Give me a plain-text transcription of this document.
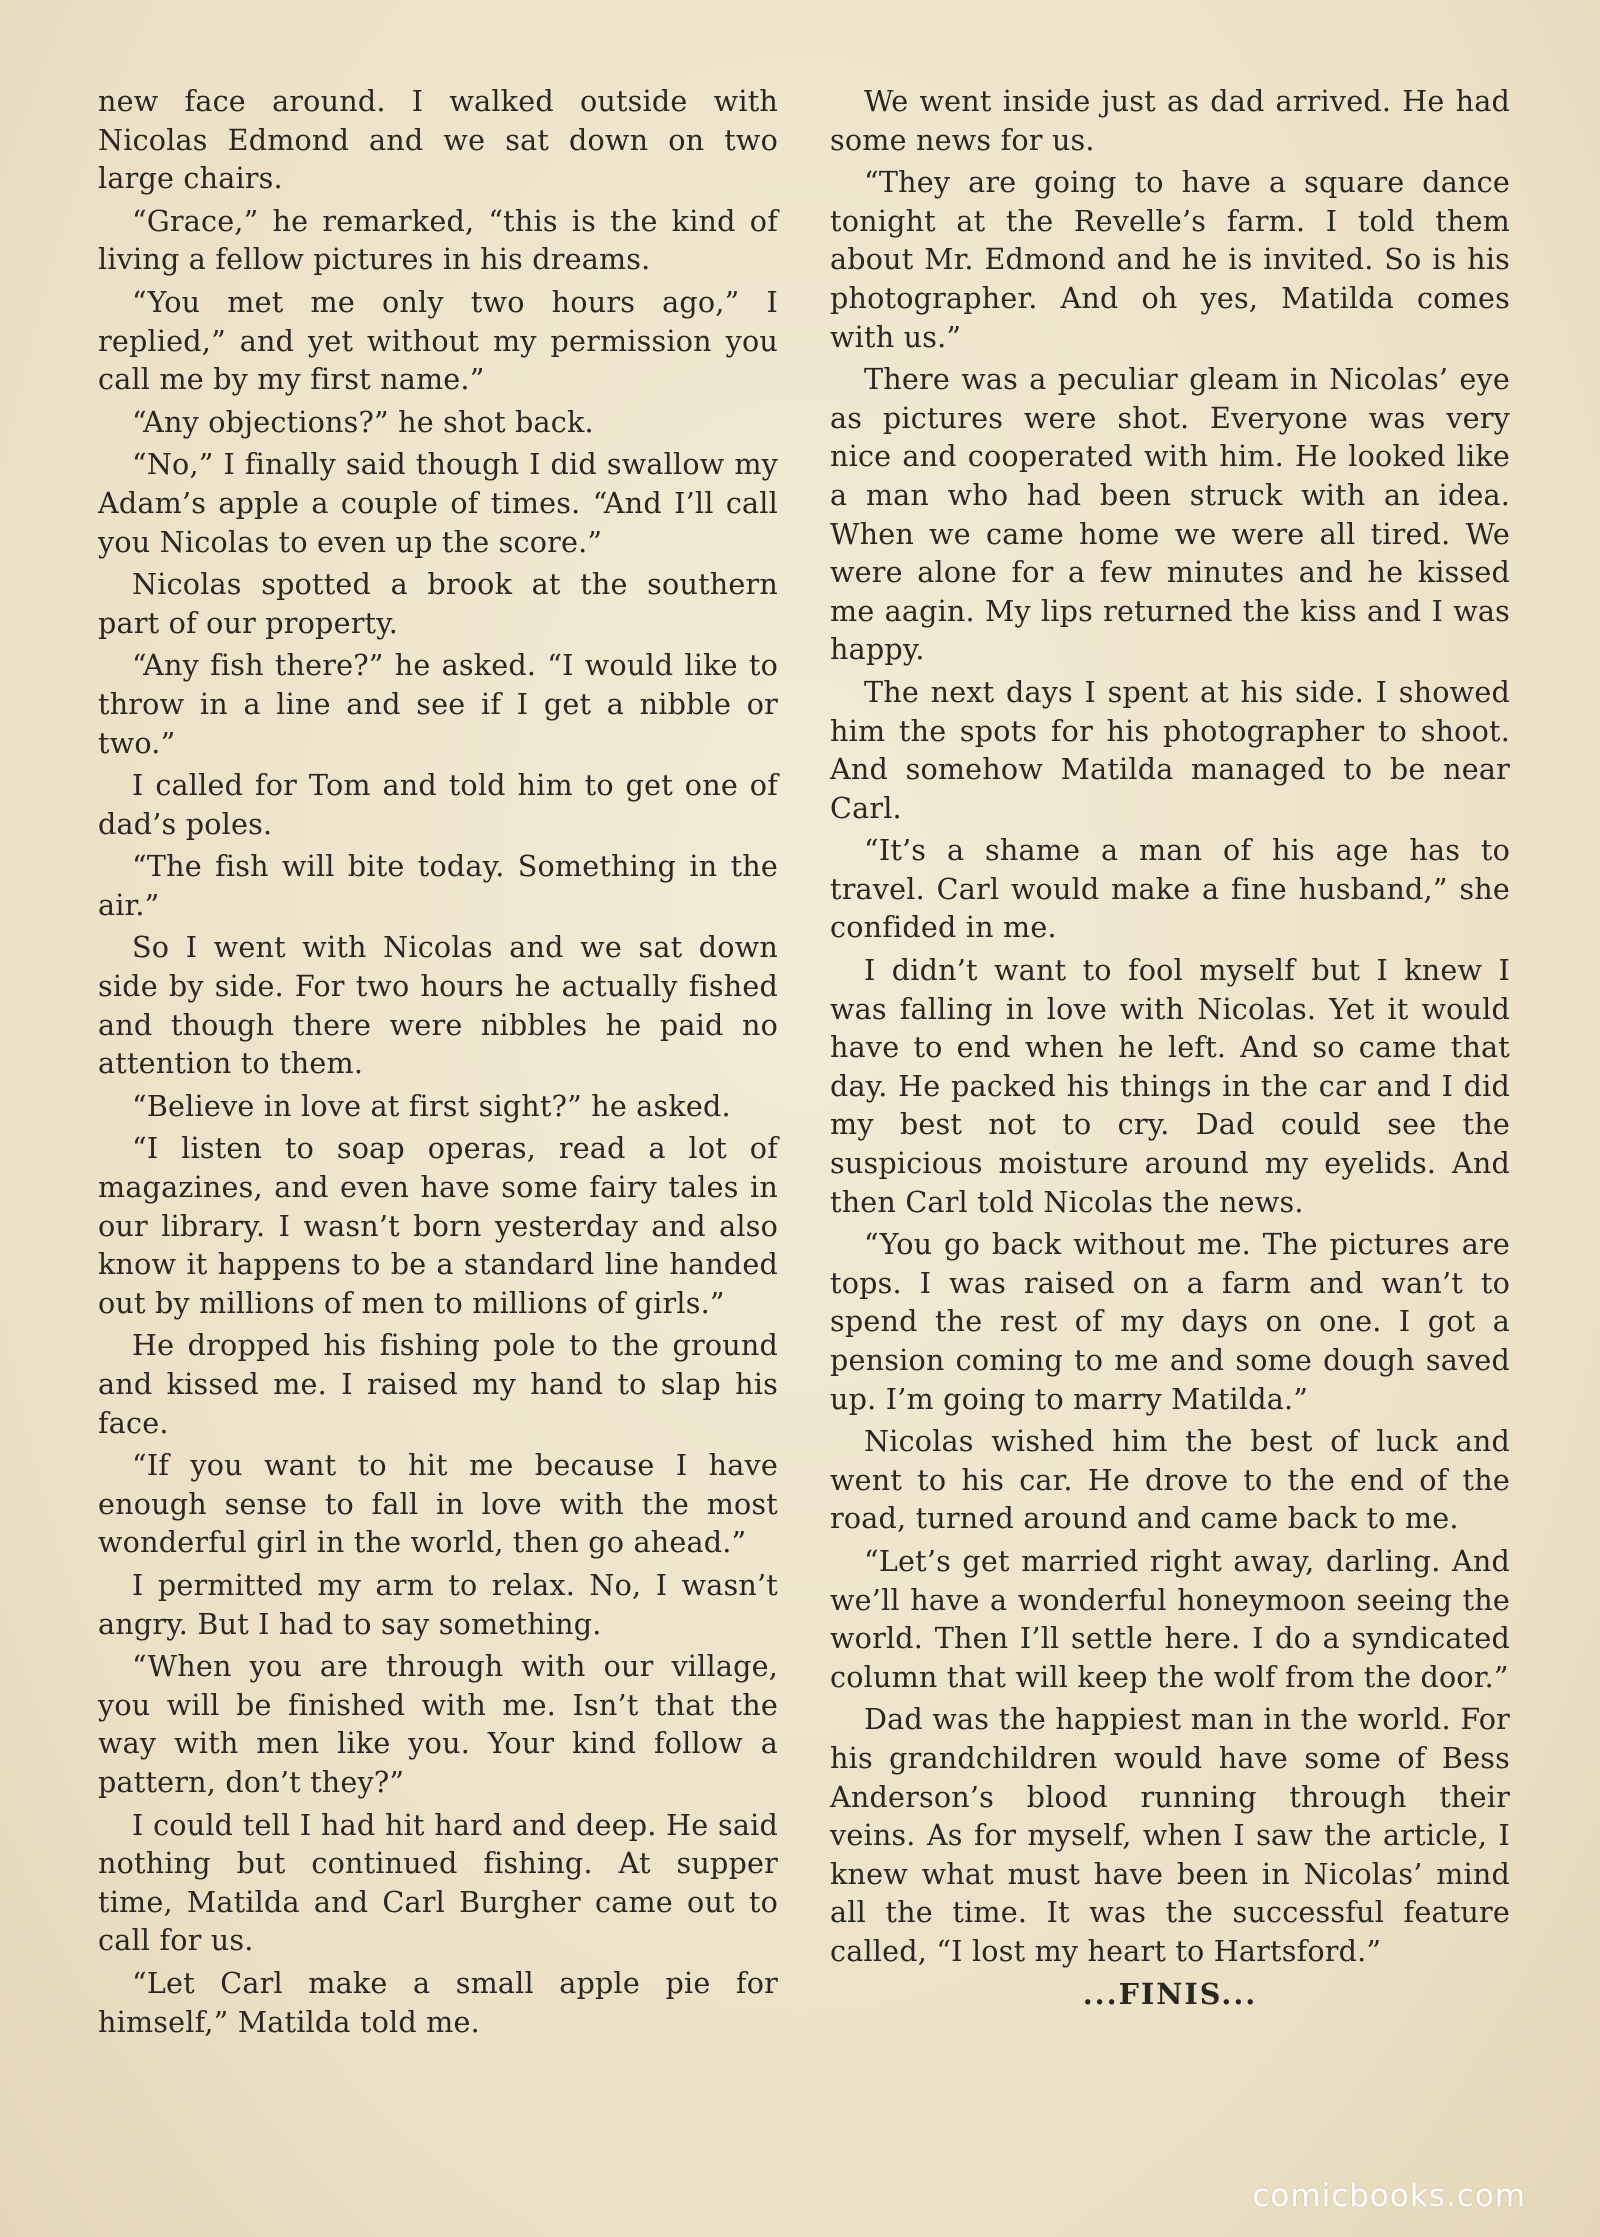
new face around. I walked outside with Nicolas Edmond and we sat down on two large chairs.

“Grace,” he remarked, “this is the kind of living a fellow pictures in his dreams.

“You met me only two hours ago,” I replied,” and yet without my permission you call me by my first name.”

“Any objections?” he shot back.

“No,” I finally said though I did swallow my Adam’s apple a couple of times. “And I’ll call you Nicolas to even up the score.”

Nicolas spotted a brook at the southern part of our property.

“Any fish there?” he asked. “I would like to throw in a line and see if I get a nibble or two.”

I called for Tom and told him to get one of dad’s poles.

“The fish will bite today. Something in the air.”

So I went with Nicolas and we sat down side by side. For two hours he actually fished and though there were nibbles he paid no attention to them.

“Believe in love at first sight?” he asked.

“I listen to soap operas, read a lot of magazines, and even have some fairy tales in our library. I wasn’t born yesterday and also know it happens to be a standard line handed out by millions of men to millions of girls.”

He dropped his fishing pole to the ground and kissed me. I raised my hand to slap his face.

“If you want to hit me because I have enough sense to fall in love with the most wonderful girl in the world, then go ahead.”

I permitted my arm to relax. No, I wasn’t angry. But I had to say something.

“When you are through with our village, you will be finished with me. Isn’t that the way with men like you. Your kind follow a pattern, don’t they?”

I could tell I had hit hard and deep. He said nothing but continued fishing. At supper time, Matilda and Carl Burgher came out to call for us.

“Let Carl make a small apple pie for himself,” Matilda told me.

We went inside just as dad arrived. He had some news for us.

“They are going to have a square dance tonight at the Revelle’s farm. I told them about Mr. Edmond and he is invited. So is his photographer. And oh yes, Matilda comes with us.”

There was a peculiar gleam in Nicolas’ eye as pictures were shot. Everyone was very nice and cooperated with him. He looked like a man who had been struck with an idea. When we came home we were all tired. We were alone for a few minutes and he kissed me aagin. My lips returned the kiss and I was happy.

The next days I spent at his side. I showed him the spots for his photographer to shoot. And somehow Matilda managed to be near Carl.

“It’s a shame a man of his age has to travel. Carl would make a fine husband,” she confided in me.

I didn’t want to fool myself but I knew I was falling in love with Nicolas. Yet it would have to end when he left. And so came that day. He packed his things in the car and I did my best not to cry. Dad could see the suspicious moisture around my eyelids. And then Carl told Nicolas the news.

“You go back without me. The pictures are tops. I was raised on a farm and wan’t to spend the rest of my days on one. I got a pension coming to me and some dough saved up. I’m going to marry Matilda.”

Nicolas wished him the best of luck and went to his car. He drove to the end of the road, turned around and came back to me.

“Let’s get married right away, darling. And we’ll have a wonderful honeymoon seeing the world. Then I’ll settle here. I do a syndicated column that will keep the wolf from the door.”

Dad was the happiest man in the world. For his grandchildren would have some of Bess Anderson’s blood running through their veins. As for myself, when I saw the article, I knew what must have been in Nicolas’ mind all the time. It was the successful feature called, “I lost my heart to Hartsford.”

...FINIS...

comicbooks.com
